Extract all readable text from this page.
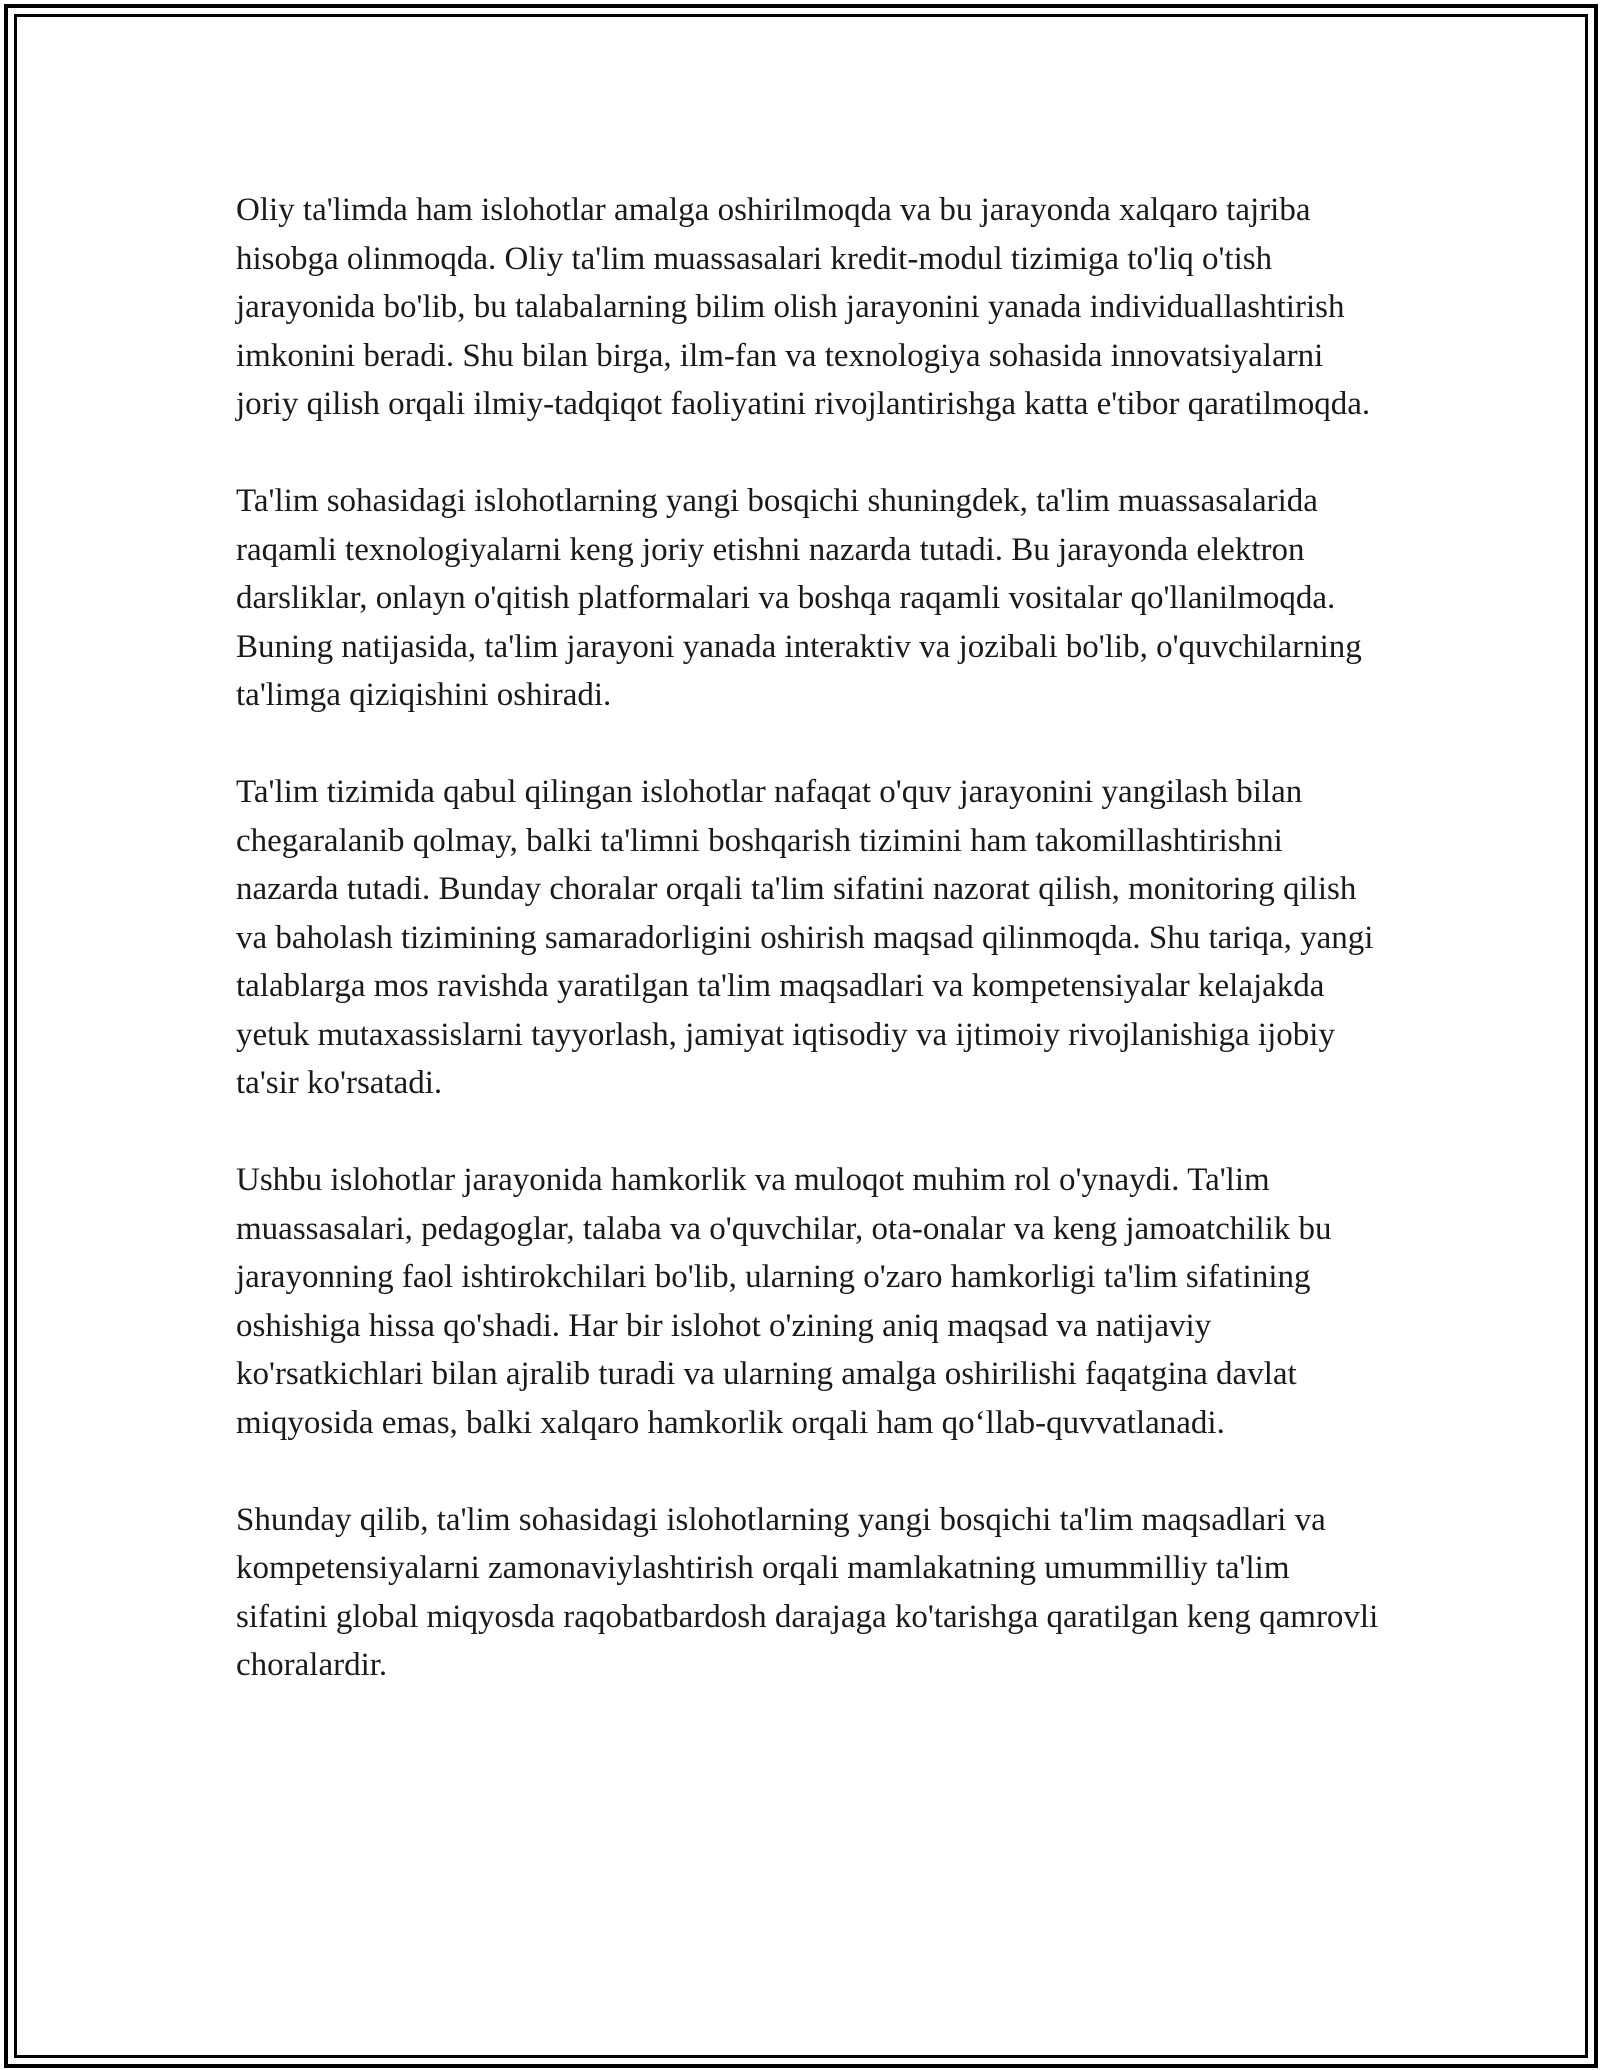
Oliy ta'limda ham islohotlar amalga oshirilmoqda va bu jarayonda xalqaro tajriba hisobga olinmoqda. Oliy ta'lim muassasalari kredit-modul tizimiga to'liq o'tish jarayonida bo'lib, bu talabalarning bilim olish jarayonini yanada individuallashtirish imkonini beradi. Shu bilan birga, ilm-fan va texnologiya sohasida innovatsiyalarni joriy qilish orqali ilmiy-tadqiqot faoliyatini rivojlantirishga katta e'tibor qaratilmoqda.

Ta'lim sohasidagi islohotlarning yangi bosqichi shuningdek, ta'lim muassasalarida raqamli texnologiyalarni keng joriy etishni nazarda tutadi. Bu jarayonda elektron darsliklar, onlayn o'qitish platformalari va boshqa raqamli vositalar qo'llanilmoqda. Buning natijasida, ta'lim jarayoni yanada interaktiv va jozibali bo'lib, o'quvchilarning ta'limga qiziqishini oshiradi.

Ta'lim tizimida qabul qilingan islohotlar nafaqat o'quv jarayonini yangilash bilan chegaralanib qolmay, balki ta'limni boshqarish tizimini ham takomillashtirishni nazarda tutadi. Bunday choralar orqali ta'lim sifatini nazorat qilish, monitoring qilish va baholash tizimining samaradorligini oshirish maqsad qilinmoqda. Shu tariqa, yangi talablarga mos ravishda yaratilgan ta'lim maqsadlari va kompetensiyalar kelajakda yetuk mutaxassislarni tayyorlash, jamiyat iqtisodiy va ijtimoiy rivojlanishiga ijobiy ta'sir ko'rsatadi.

Ushbu islohotlar jarayonida hamkorlik va muloqot muhim rol o'ynaydi. Ta'lim muassasalari, pedagoglar, talaba va o'quvchilar, ota-onalar va keng jamoatchilik bu jarayonning faol ishtirokchilari bo'lib, ularning o'zaro hamkorligi ta'lim sifatining oshishiga hissa qo'shadi. Har bir islohot o'zining aniq maqsad va natijaviy ko'rsatkichlari bilan ajralib turadi va ularning amalga oshirilishi faqatgina davlat miqyosida emas, balki xalqaro hamkorlik orqali ham qo‘llab-quvvatlanadi.

Shunday qilib, ta'lim sohasidagi islohotlarning yangi bosqichi ta'lim maqsadlari va kompetensiyalarni zamonaviylashtirish orqali mamlakatning umummilliy ta'lim sifatini global miqyosda raqobatbardosh darajaga ko'tarishga qaratilgan keng qamrovli choralardir.
